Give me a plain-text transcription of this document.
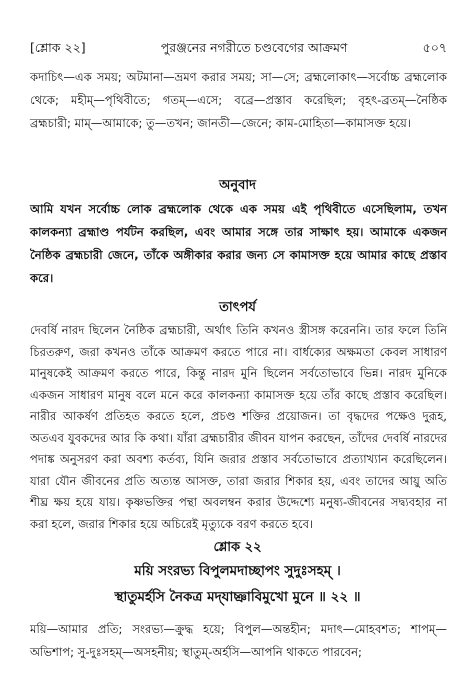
[শ্লোক ২২]	পুরঞ্জনের নগরীতে চণ্ডবেগের আক্রমণ	৫০৭
কদাচিৎ—এক সময়; অটমানা—ভ্রমণ করার সময়; সা—সে; ব্রহ্মলোকাৎ—সর্বোচ্চ ব্রহ্মলোক থেকে; মহীম্—পৃথিবীতে; গতম্—এসে; বব্রে—প্রস্তাব করেছিল; বৃহৎ-ব্রতম্—নৈষ্ঠিক ব্রহ্মচারী; মাম্—আমাকে; তু—তখন; জানতী—জেনে; কাম-মোহিতা—কামাসক্ত হয়ে।
অনুবাদ
আমি যখন সর্বোচ্চ লোক ব্রহ্মলোক থেকে এক সময় এই পৃথিবীতে এসেছিলাম, তখন কালকন্যা ব্রহ্মাণ্ড পর্যটন করছিল, এবং আমার সঙ্গে তার সাক্ষাৎ হয়। আমাকে একজন নৈষ্ঠিক ব্রহ্মচারী জেনে, তাঁকে অঙ্গীকার করার জন্য সে কামাসক্ত হয়ে আমার কাছে প্রস্তাব করে।
তাৎপর্য
দেবর্ষি নারদ ছিলেন নৈষ্ঠিক ব্রহ্মচারী, অর্থাৎ তিনি কখনও স্ত্রীসঙ্গ করেননি। তার ফলে তিনি চিরতরুণ, জরা কখনও তাঁকে আক্রমণ করতে পারে না। বার্ধক্যের অক্ষমতা কেবল সাধারণ মানুষকেই আক্রমণ করতে পারে, কিন্তু নারদ মুনি ছিলেন সর্বতোভাবে ভিন্ন। নারদ মুনিকে একজন সাধারণ মানুষ বলে মনে করে কালকন্যা কামাসক্ত হয়ে তাঁর কাছে প্রস্তাব করেছিল। নারীর আকর্ষণ প্রতিহত করতে হলে, প্রচণ্ড শক্তির প্রয়োজন। তা বৃদ্ধদের পক্ষেও দুরূহ, অতএব যুবকদের আর কি কথা। যাঁরা ব্রহ্মচারীর জীবন যাপন করছেন, তাঁদের দেবর্ষি নারদের পদাঙ্ক অনুসরণ করা অবশ্য কর্তব্য, যিনি জরার প্রস্তাব সর্বতোভাবে প্রত্যাখ্যান করেছিলেন। যারা যৌন জীবনের প্রতি অত্যন্ত আসক্ত, তারা জরার শিকার হয়, এবং তাদের আয়ু অতি শীঘ্র ক্ষয় হয়ে যায়। কৃষ্ণভক্তির পন্থা অবলম্বন করার উদ্দেশ্যে মনুষ্য-জীবনের সদ্ব্যবহার না করা হলে, জরার শিকার হয়ে অচিরেই মৃত্যুকে বরণ করতে হবে।
শ্লোক ২২
ময়ি সংরভ্য বিপুলমদাচ্ছাপং সুদুঃসহম্ ।
স্থাতুমর্হসি নৈকত্র মদ্‌যাচ্ঞাবিমুখো মুনে ॥ ২২ ॥
ময়ি—আমার প্রতি; সংরভ্য—ক্রুদ্ধ হয়ে; বিপুল—অন্তহীন; মদাৎ—মোহবশত; শাপম্—অভিশাপ; সু-দুঃসহম্—অসহনীয়; স্থাতুম্-অর্হসি—আপনি থাকতে পারবেন;
